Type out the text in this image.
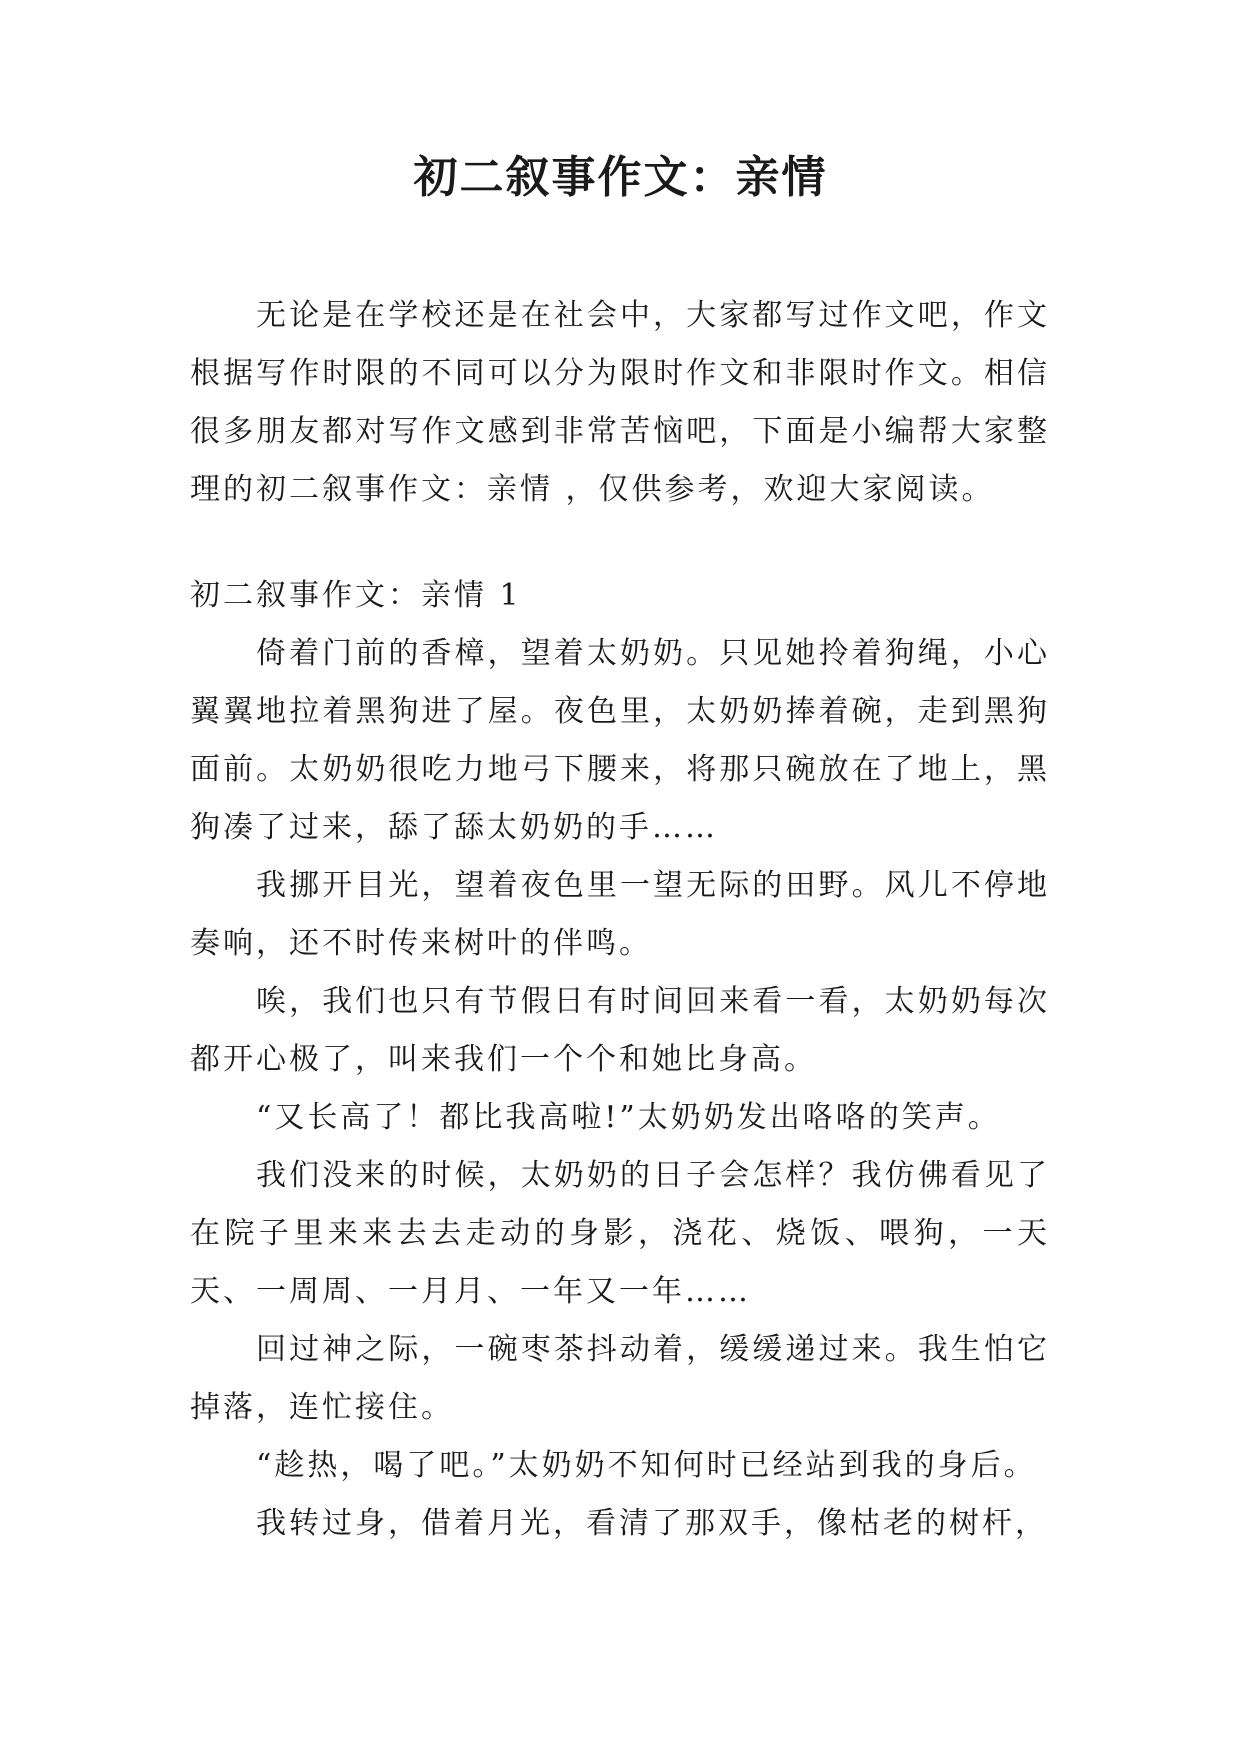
初二叙事作文：亲情

无论是在学校还是在社会中，大家都写过作文吧，作文根据写作时限的不同可以分为限时作文和非限时作文。相信很多朋友都对写作文感到非常苦恼吧，下面是小编帮大家整理的初二叙事作文：亲情 ，仅供参考，欢迎大家阅读。

初二叙事作文：亲情 1

倚着门前的香樟，望着太奶奶。只见她拎着狗绳，小心翼翼地拉着黑狗进了屋。夜色里，太奶奶捧着碗，走到黑狗面前。太奶奶很吃力地弓下腰来，将那只碗放在了地上，黑狗凑了过来，舔了舔太奶奶的手……

我挪开目光，望着夜色里一望无际的田野。风儿不停地奏响，还不时传来树叶的伴鸣。

唉，我们也只有节假日有时间回来看一看，太奶奶每次都开心极了，叫来我们一个个和她比身高。

“又长高了！都比我高啦!”太奶奶发出咯咯的笑声。

我们没来的时候，太奶奶的日子会怎样？我仿佛看见了在院子里来来去去走动的身影，浇花、烧饭、喂狗，一天天、一周周、一月月、一年又一年……

回过神之际，一碗枣茶抖动着，缓缓递过来。我生怕它掉落，连忙接住。

“趁热，喝了吧。”太奶奶不知何时已经站到我的身后。

我转过身，借着月光，看清了那双手，像枯老的树杆，
